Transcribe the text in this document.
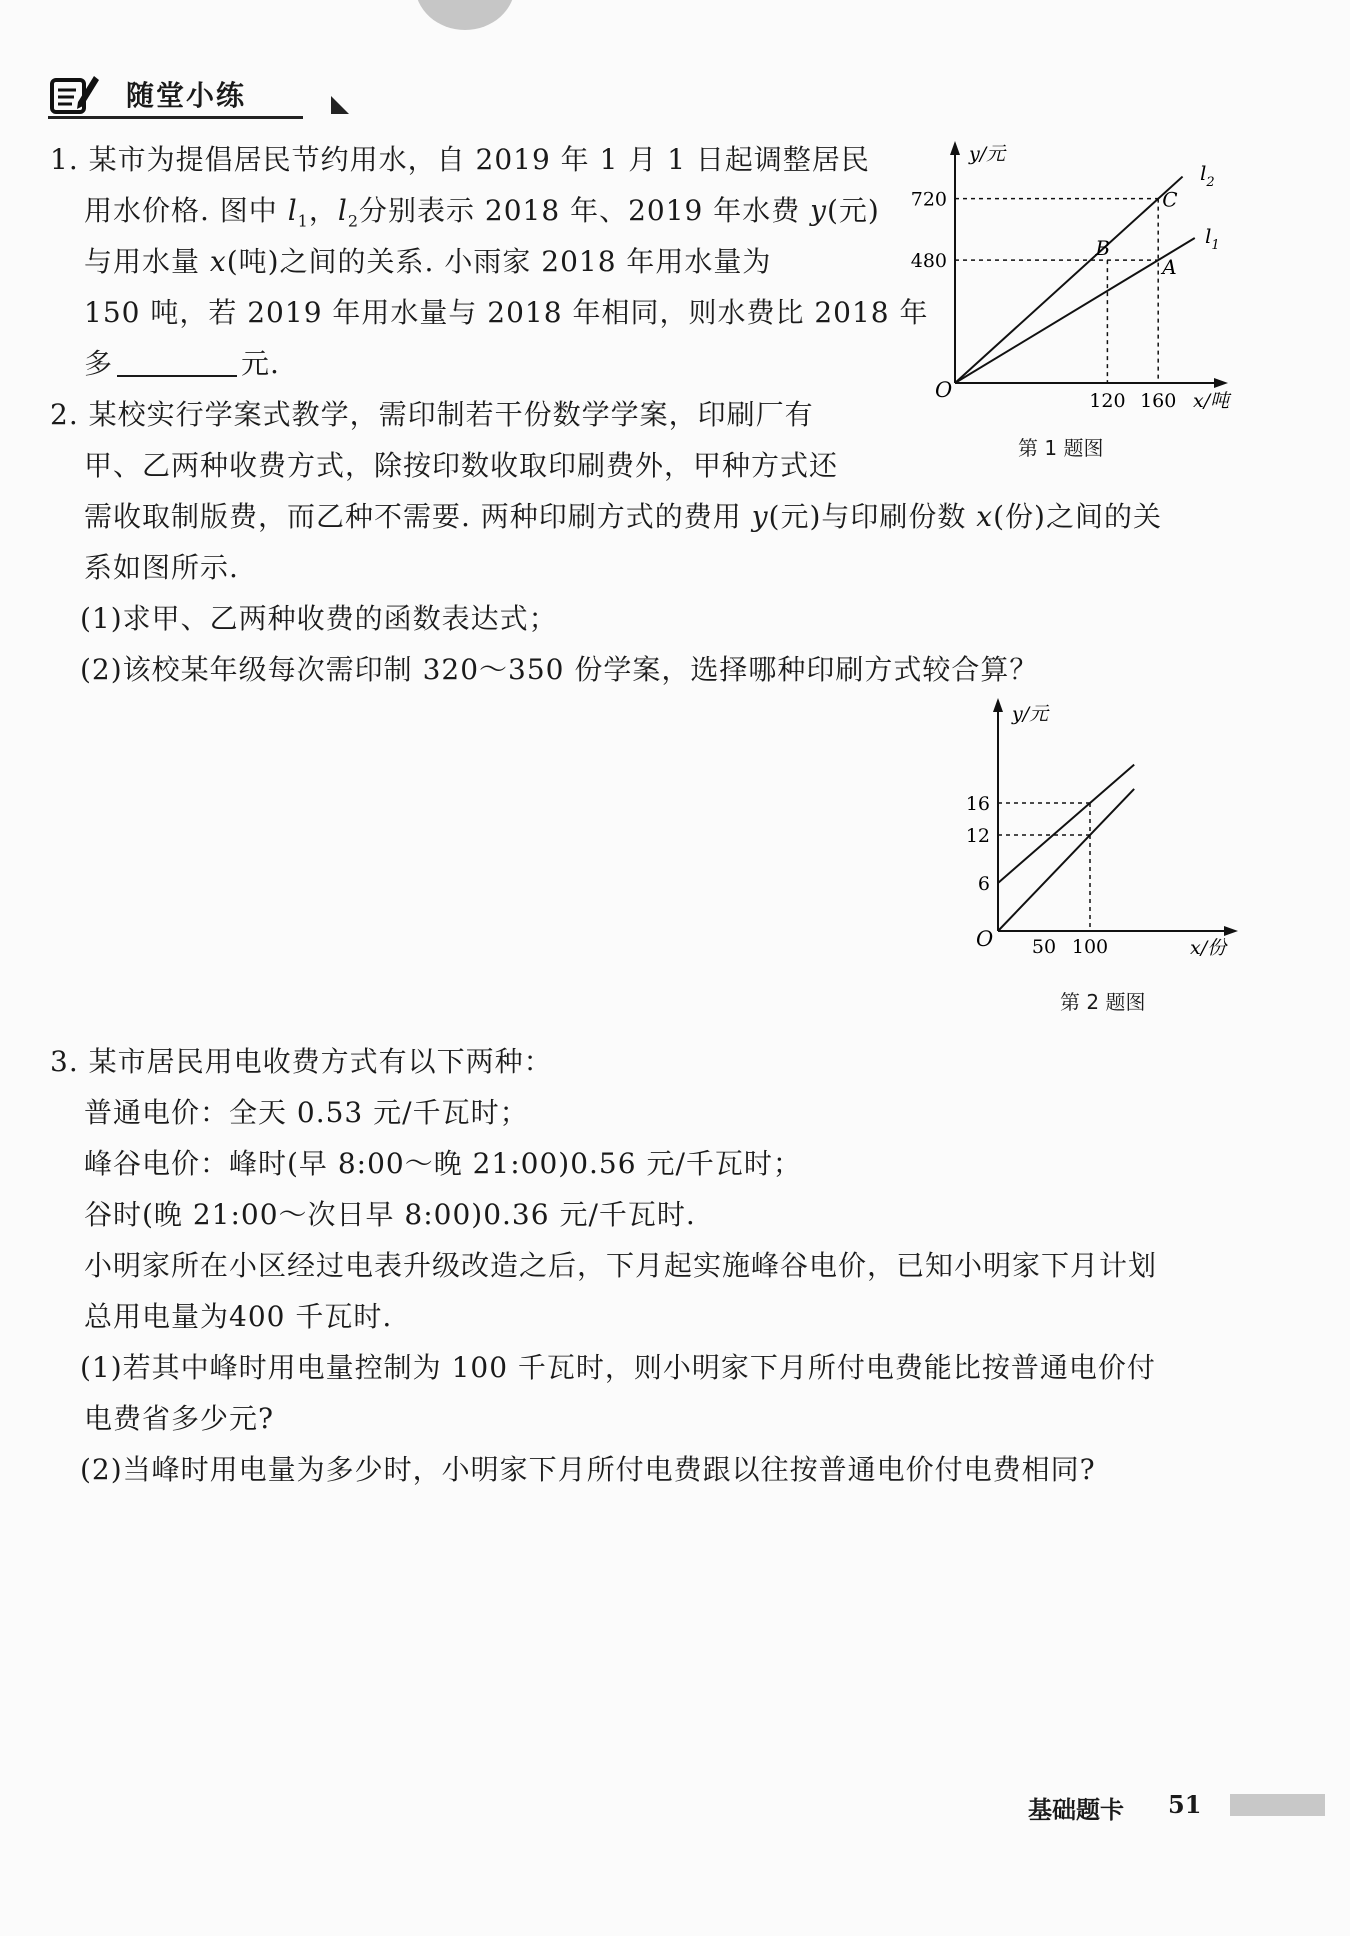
随堂小练
1. 某市为提倡居民节约用水，自 2019 年 1 月 1 日起调整居民
用水价格. 图中 $l_1$，$l_2$分别表示 2018 年、2019 年水费 y(元)
与用水量 x(吨)之间的关系. 小雨家 2018 年用水量为
150 吨，若 2019 年用水量与 2018 年相同，则水费比 2018 年
多	元.
y/元
x/吨
O
720
480
120 160
B
C
A
$l_2$
$l_1$
第 1 题图
2. 某校实行学案式教学，需印制若干份数学学案，印刷厂有
甲、乙两种收费方式，除按印数收取印刷费外，甲种方式还
需收取制版费，而乙种不需要. 两种印刷方式的费用 y(元)与印刷份数 x(份)之间的关
系如图所示.
(1)求甲、乙两种收费的函数表达式；
(2)该校某年级每次需印制 320～350 份学案，选择哪种印刷方式较合算？
y/元
x/份
O
16
12
6
50 100
第 2 题图
3. 某市居民用电收费方式有以下两种：
普通电价：全天 0.53 元/千瓦时；
峰谷电价：峰时(早 8:00～晚 21:00)0.56 元/千瓦时；
谷时(晚 21:00～次日早 8:00)0.36 元/千瓦时.
小明家所在小区经过电表升级改造之后，下月起实施峰谷电价，已知小明家下月计划
总用电量为400 千瓦时.
(1)若其中峰时用电量控制为 100 千瓦时，则小明家下月所付电费能比按普通电价付
电费省多少元?
(2)当峰时用电量为多少时，小明家下月所付电费跟以往按普通电价付电费相同?
基础题卡 51
